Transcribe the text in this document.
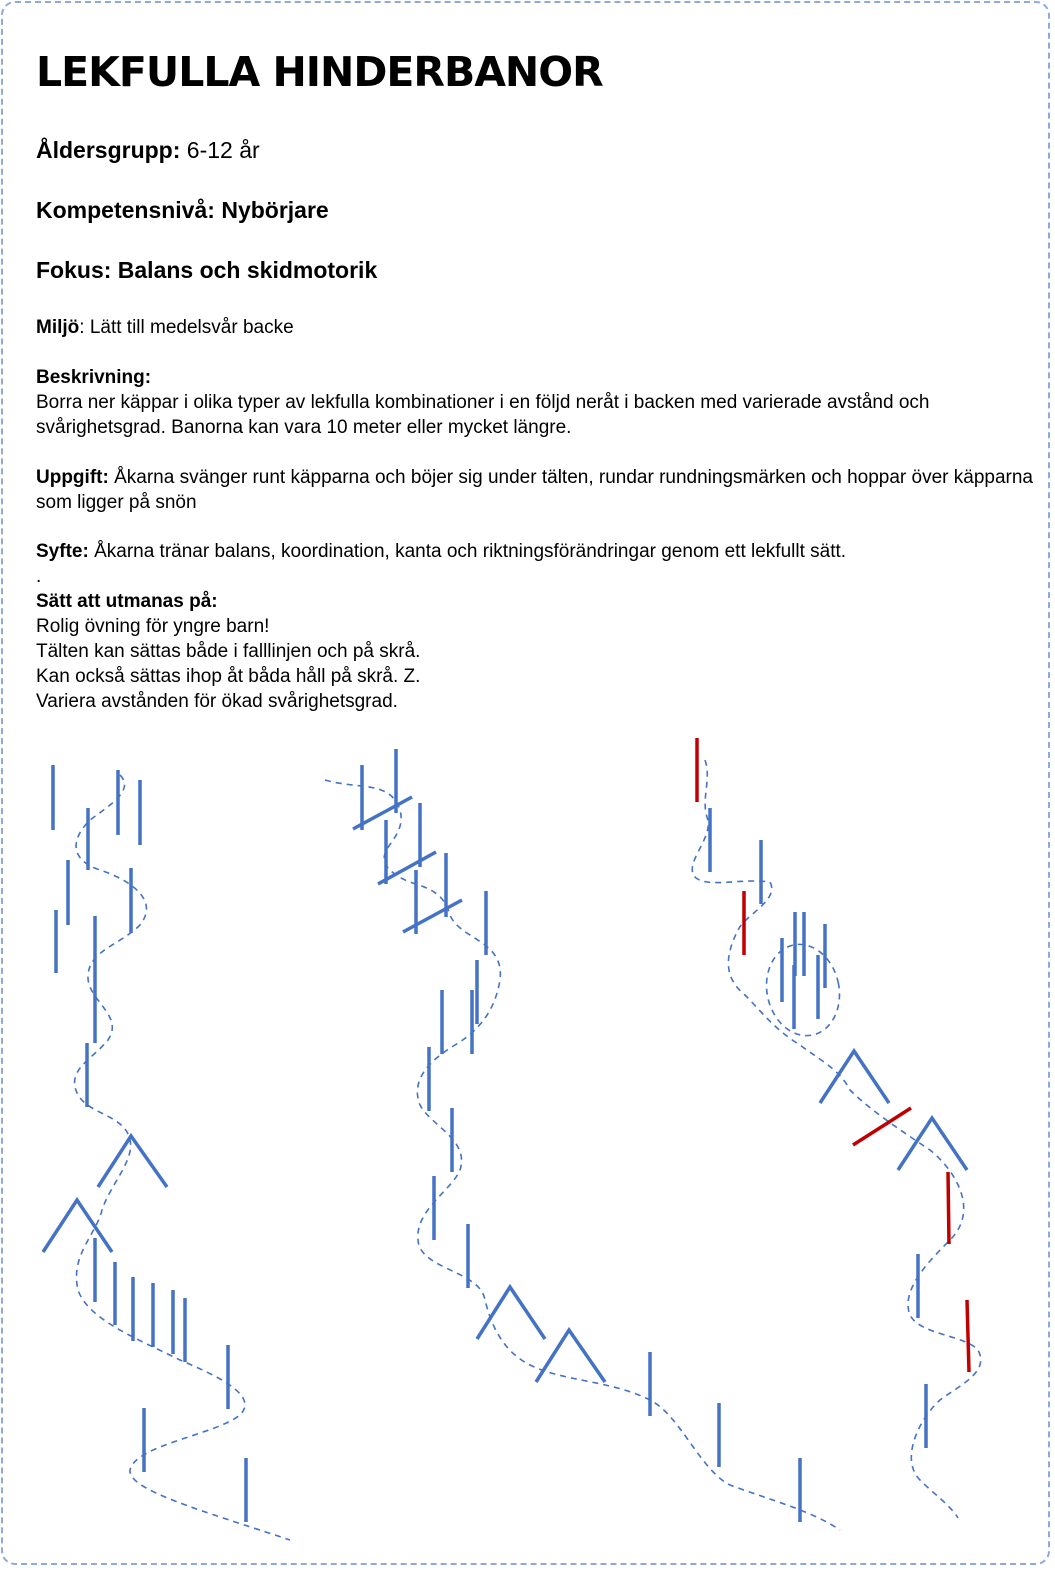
LEKFULLA HINDERBANOR

Åldersgrupp: 6-12 år

Kompetensnivå: Nybörjare

Fokus: Balans och skidmotorik

Miljö: Lätt till medelsvår backe

Beskrivning:
Borra ner käppar i olika typer av lekfulla kombinationer i en följd neråt i backen med varierade avstånd och svårighetsgrad. Banorna kan vara 10 meter eller mycket längre.

Uppgift: Åkarna svänger runt käpparna och böjer sig under tälten, rundar rundningsmärken och hoppar över käpparna som ligger på snön

Syfte: Åkarna tränar balans, koordination, kanta och riktningsförändringar genom ett lekfullt sätt.
.

Sätt att utmanas på:
Rolig övning för yngre barn!
Tälten kan sättas både i falllinjen och på skrå.
Kan också sättas ihop åt båda håll på skrå. Z.
Variera avstånden för ökad svårighetsgrad.
